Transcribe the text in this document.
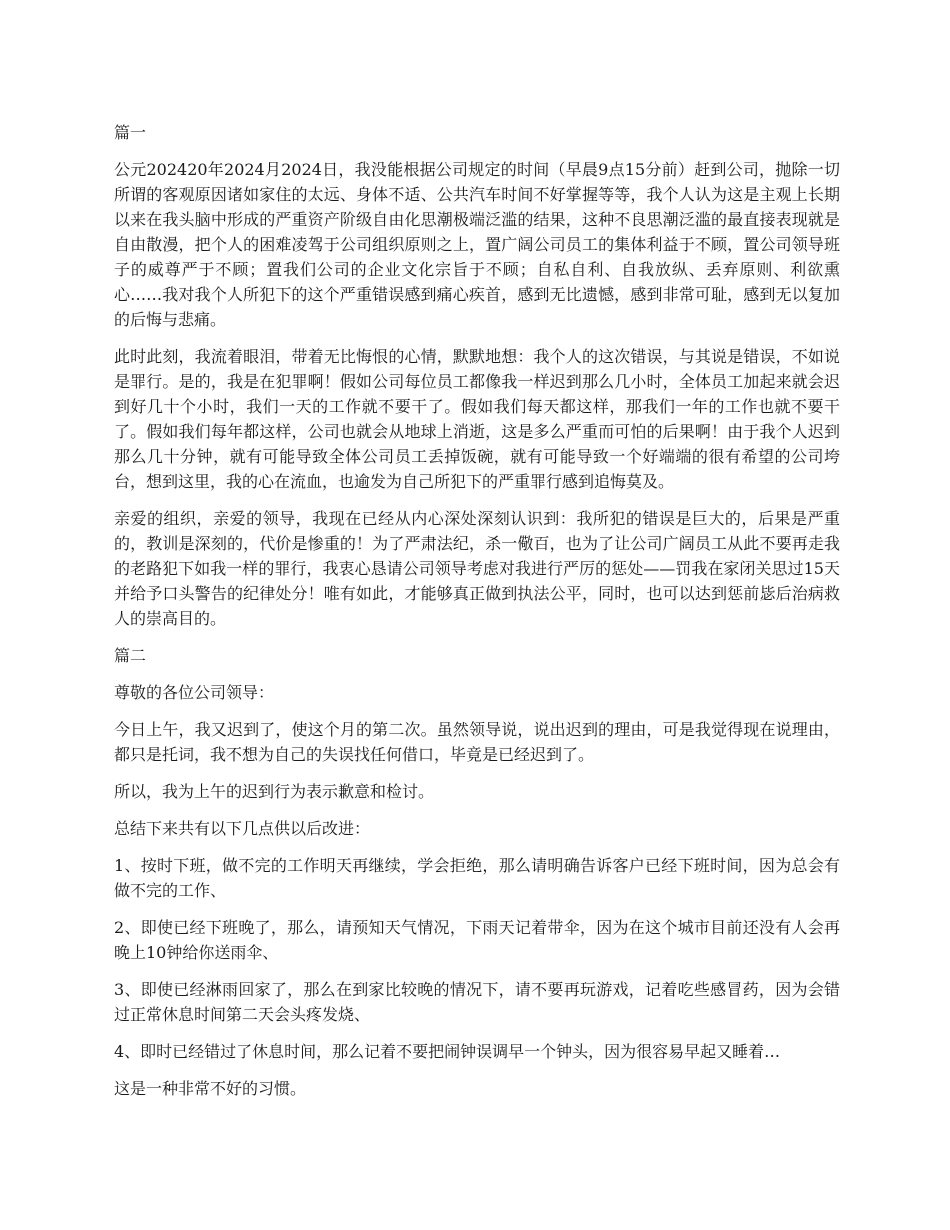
篇一

公元202420年2024月2024日，我没能根据公司规定的时间（早晨9点15分前）赶到公司，抛除一切所谓的客观原因诸如家住的太远、身体不适、公共汽车时间不好掌握等等，我个人认为这是主观上长期以来在我头脑中形成的严重资产阶级自由化思潮极端泛滥的结果，这种不良思潮泛滥的最直接表现就是自由散漫，把个人的困难凌驾于公司组织原则之上，置广阔公司员工的集体利益于不顾，置公司领导班子的威尊严于不顾；置我们公司的企业文化宗旨于不顾；自私自利、自我放纵、丢弃原则、利欲熏心……我对我个人所犯下的这个严重错误感到痛心疾首，感到无比遗憾，感到非常可耻，感到无以复加的后悔与悲痛。

此时此刻，我流着眼泪，带着无比悔恨的心情，默默地想：我个人的这次错误，与其说是错误，不如说是罪行。是的，我是在犯罪啊！假如公司每位员工都像我一样迟到那么几小时，全体员工加起来就会迟到好几十个小时，我们一天的工作就不要干了。假如我们每天都这样，那我们一年的工作也就不要干了。假如我们每年都这样，公司也就会从地球上消逝，这是多么严重而可怕的后果啊！由于我个人迟到那么几十分钟，就有可能导致全体公司员工丢掉饭碗，就有可能导致一个好端端的很有希望的公司垮台，想到这里，我的心在流血，也逾发为自己所犯下的严重罪行感到追悔莫及。

亲爱的组织，亲爱的领导，我现在已经从内心深处深刻认识到：我所犯的错误是巨大的，后果是严重的，教训是深刻的，代价是惨重的！为了严肃法纪，杀一儆百，也为了让公司广阔员工从此不要再走我的老路犯下如我一样的罪行，我衷心恳请公司领导考虑对我进行严厉的惩处——罚我在家闭关思过15天并给予口头警告的纪律处分！唯有如此，才能够真正做到执法公平，同时，也可以达到惩前毖后治病救人的崇高目的。

篇二

尊敬的各位公司领导：

今日上午，我又迟到了，使这个月的第二次。虽然领导说，说出迟到的理由，可是我觉得现在说理由，都只是托词，我不想为自己的失误找任何借口，毕竟是已经迟到了。

所以，我为上午的迟到行为表示歉意和检讨。

总结下来共有以下几点供以后改进：

1、按时下班，做不完的工作明天再继续，学会拒绝，那么请明确告诉客户已经下班时间，因为总会有做不完的工作、

2、即使已经下班晚了，那么，请预知天气情况，下雨天记着带伞，因为在这个城市目前还没有人会再晚上10钟给你送雨伞、

3、即使已经淋雨回家了，那么在到家比较晚的情况下，请不要再玩游戏，记着吃些感冒药，因为会错过正常休息时间第二天会头疼发烧、

4、即时已经错过了休息时间，那么记着不要把闹钟误调早一个钟头，因为很容易早起又睡着…

这是一种非常不好的习惯。
